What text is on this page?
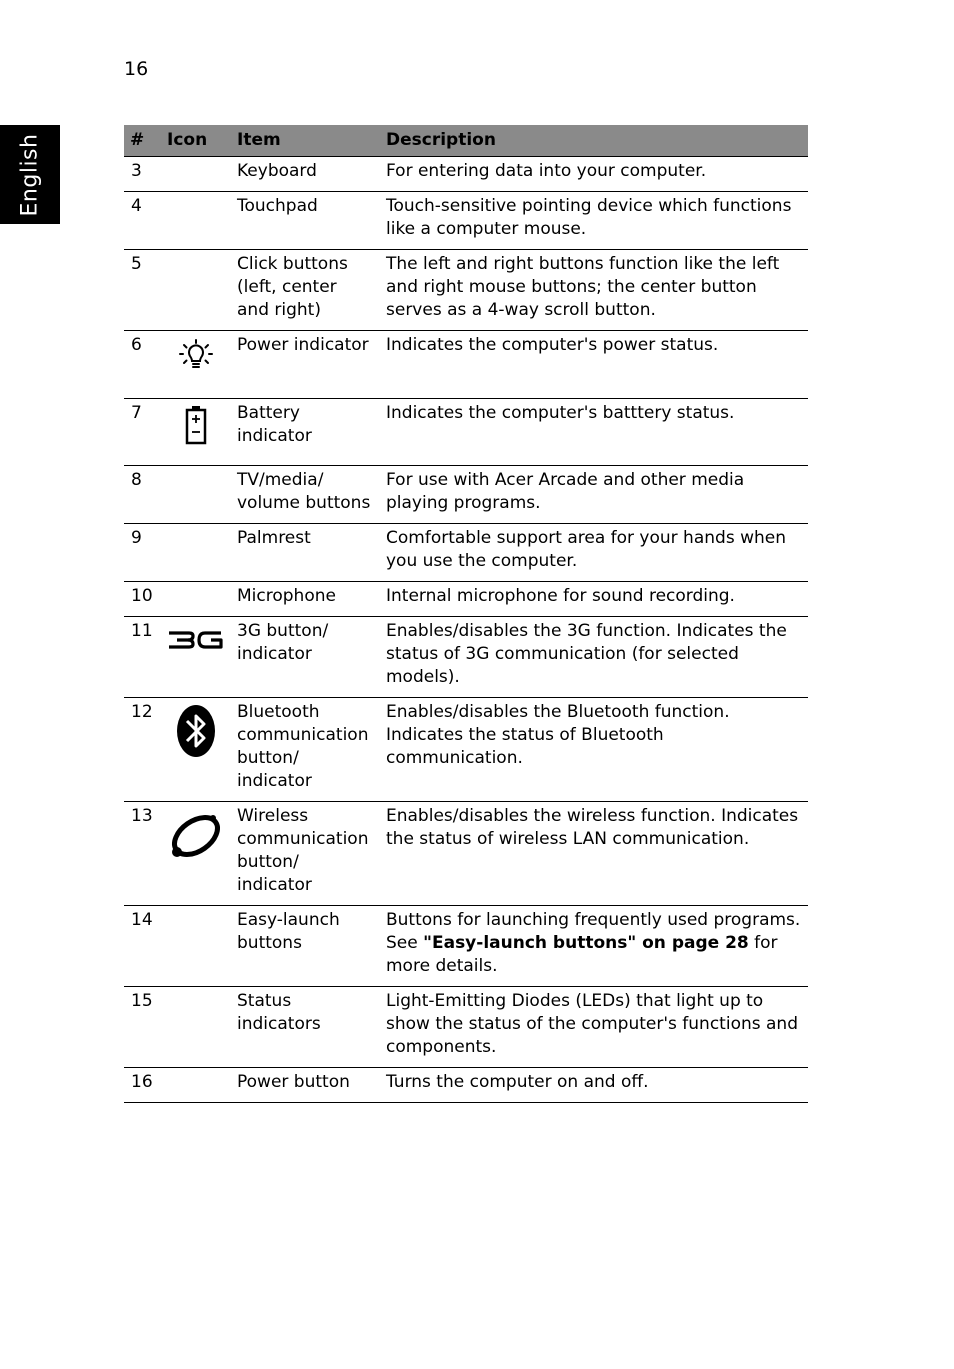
16
English	#	Icon	Item	Description
3		Keyboard	For entering data into your computer.
4		Touchpad	Touch-sensitive pointing device which functions like a computer mouse.
5		Click buttons (left, center and right)	The left and right buttons function like the left and right mouse buttons; the center button serves as a 4-way scroll button.
6		Power indicator	Indicates the computer's power status.
7		Battery indicator	Indicates the computer's batttery status.
8		TV/media/ volume buttons	For use with Acer Arcade and other media playing programs.
9		Palmrest	Comfortable support area for your hands when you use the computer.
10		Microphone	Internal microphone for sound recording.
11		3G button/ indicator	Enables/disables the 3G function. Indicates the status of 3G communication (for selected models).
12		Bluetooth communication button/ indicator	Enables/disables the Bluetooth function. Indicates the status of Bluetooth communication.
13		Wireless communication button/ indicator	Enables/disables the wireless function. Indicates the status of wireless LAN communication.
14		Easy-launch buttons	Buttons for launching frequently used programs.
See "Easy-launch buttons" on page 28 for more details.

15		Status indicators	Light-Emitting Diodes (LEDs) that light up to show the status of the computer's functions and components.
16		Power button	Turns the computer on and off.
